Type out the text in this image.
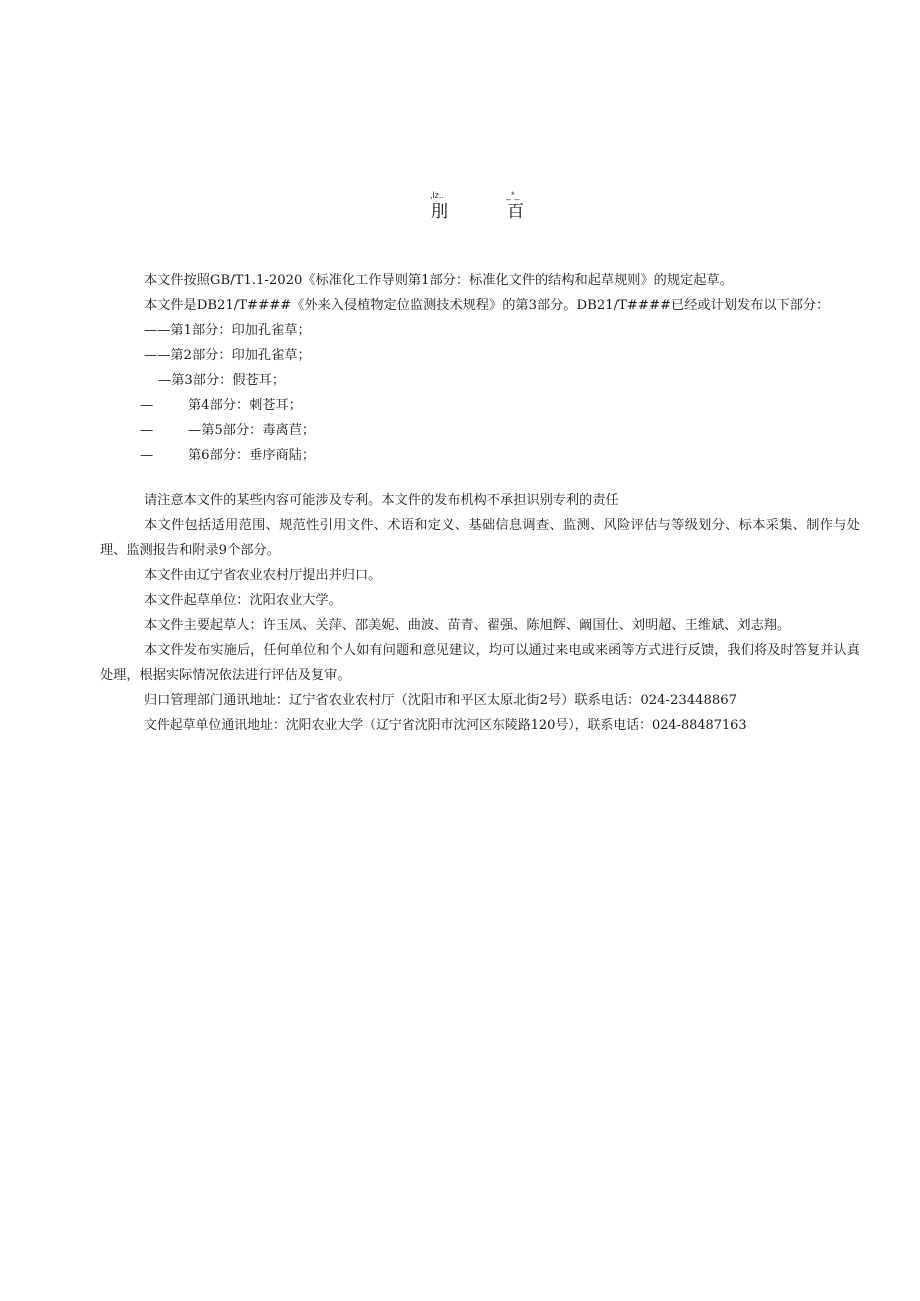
,lz..	_*_
刖	百

本文件按照GB/T1.1-2020《标准化工作导则第1部分：标准化文件的结构和起草规则》的规定起草。

本文件是DB21/T####《外来入侵植物定位监测技术规程》的第3部分。DB21/T####已经或计划发布以下部分：

——第1部分：印加孔雀草；

——第2部分：印加孔雀草；

—第3部分：假苍耳；

—	第4部分：刺苍耳；

—	—第5部分：毒离苣；

—	第6部分：垂序商陆；

请注意本文件的某些内容可能涉及专利。本文件的发布机构不承担识别专利的责任

本文件包括适用范围、规范性引用文件、术语和定义、基础信息调查、监测、风险评估与等级划分、标本采集、制作与处理、监测报告和附录9个部分。

本文件由辽宁省农业农村厅提出并归口。

本文件起草单位：沈阳农业大学。

本文件主要起草人：许玉凤、关萍、邵美妮、曲波、苗青、翟强、陈旭辉、阚国仕、刘明超、王维斌、刘志翔。

本文件发布实施后，任何单位和个人如有问题和意见建议，均可以通过来电或来函等方式进行反馈，我们将及时答复并认真处理，根据实际情况依法进行评估及复审。

归口管理部门通讯地址：辽宁省农业农村厅（沈阳市和平区太原北街2号）联系电话：024-23448867

文件起草单位通讯地址：沈阳农业大学（辽宁省沈阳市沈河区东陵路120号），联系电话：024-88487163
